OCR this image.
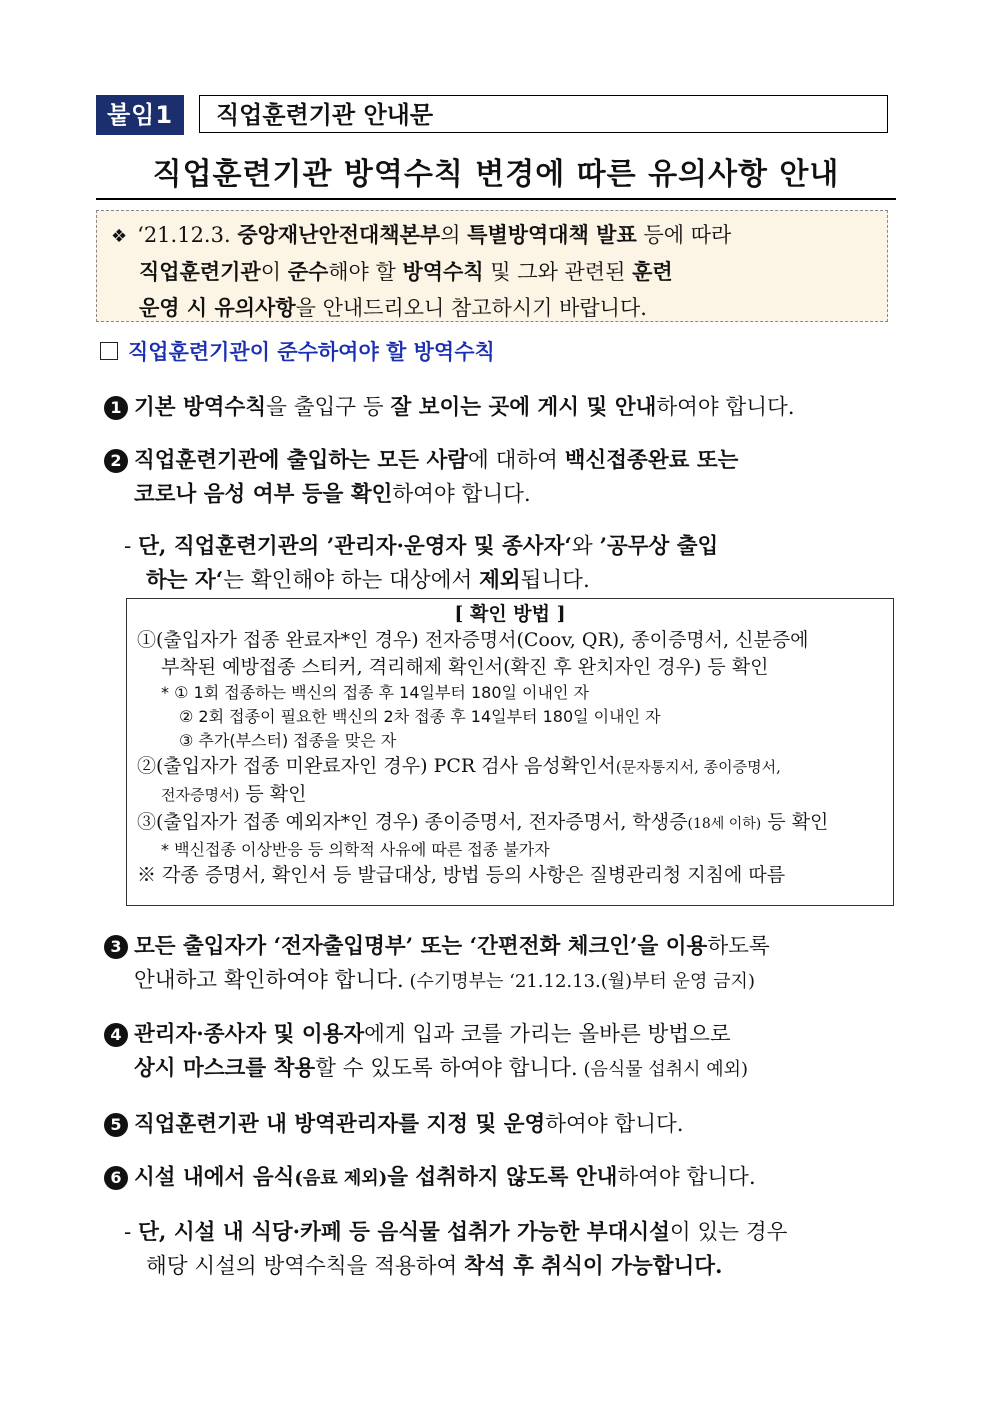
붙임1	직업훈련기관 안내문
직업훈련기관 방역수칙 변경에 따른 유의사항 안내

❖ ‘21.12.3. 중앙재난안전대책본부의 특별방역대책 발표 등에 따라

직업훈련기관이 준수해야 할 방역수칙 및 그와 관련된 훈련

운영 시 유의사항을 안내드리오니 참고하시기 바랍니다.

직업훈련기관이 준수하여야 할 방역수칙

1 기본 방역수칙을 출입구 등 잘 보이는 곳에 게시 및 안내하여야 합니다.

2 직업훈련기관에 출입하는 모든 사람에 대하여 백신접종완료 또는

코로나 음성 여부 등을 확인하여야 합니다.

- 단, 직업훈련기관의 ’관리자·운영자 및 종사자‘와 ’공무상 출입

하는 자‘는 확인해야 하는 대상에서 제외됩니다.

[ 확인 방법 ]
①(출입자가 접종 완료자*인 경우) 전자증명서(Coov, QR), 종이증명서, 신분증에
부착된 예방접종 스티커, 격리해제 확인서(확진 후 완치자인 경우) 등 확인
* ① 1회 접종하는 백신의 접종 후 14일부터 180일 이내인 자
② 2회 접종이 필요한 백신의 2차 접종 후 14일부터 180일 이내인 자
③ 추가(부스터) 접종을 맞은 자
②(출입자가 접종 미완료자인 경우) PCR 검사 음성확인서(문자통지서, 종이증명서,
전자증명서) 등 확인
③(출입자가 접종 예외자*인 경우) 종이증명서, 전자증명서, 학생증(18세 이하) 등 확인
* 백신접종 이상반응 등 의학적 사유에 따른 접종 불가자
※ 각종 증명서, 확인서 등 발급대상, 방법 등의 사항은 질병관리청 지침에 따름

3 모든 출입자가 ‘전자출입명부’ 또는 ‘간편전화 체크인’을 이용하도록

안내하고 확인하여야 합니다. (수기명부는 ‘21.12.13.(월)부터 운영 금지)

4 관리자·종사자 및 이용자에게 입과 코를 가리는 올바른 방법으로

상시 마스크를 착용할 수 있도록 하여야 합니다. (음식물 섭취시 예외)

5 직업훈련기관 내 방역관리자를 지정 및 운영하여야 합니다.

6 시설 내에서 음식(음료 제외)을 섭취하지 않도록 안내하여야 합니다.

- 단, 시설 내 식당·카페 등 음식물 섭취가 가능한 부대시설이 있는 경우

해당 시설의 방역수칙을 적용하여 착석 후 취식이 가능합니다.
